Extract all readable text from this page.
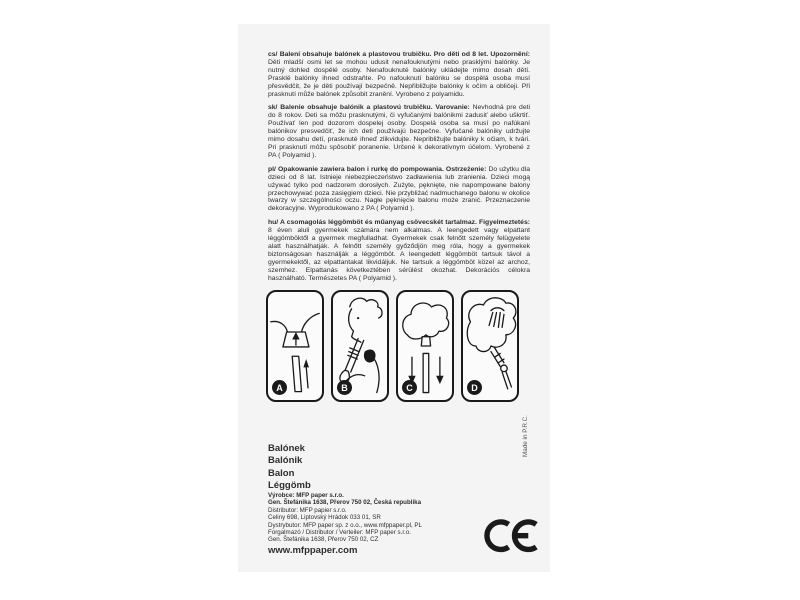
cs/ Balení obsahuje balónek a plastovou trubičku. Pro děti od 8 let. Upozornění:Děti mladší osmi let se mohou udusit nenafouknutými nebo prasklými balónky. Je nutný dohled dospělé osoby. Nenafouknuté balónky ukládejte mimo dosah dětí. Prasklé balónky ihned odstraňte. Po nafouknutí balónku se dospělá osoba musí přesvědčit, že je děti používají bezpečně. Nepřibližujte balónky k očím a obličeji. Při prasknutí může balónek způsobit zranění. Vyrobeno z polyamidu.

sk/ Balenie obsahuje balónik a plastovú trubičku. Varovanie: Nevhodná pre deti do 8 rokov. Deti sa môžu prasknutými, či vyfučanými balónikmi zadusiť alebo uškrtiť. Používať len pod dozorom dospelej osoby. Dospelá osoba sa musí po nafúkaní balónikov presvedčiť, že ich deti používajú bezpečne. Vyfučané balóniky udržujte mimo dosahu detí, prasknuté ihneď zlikvidujte. Nepribližujte balóniky k očiam, k tvári. Pri prasknutí môžu spôsobiť poranenie. Určené k dekoratívnym účelom. Vyrobené z PA ( Polyamid ).

pl/ Opakowanie zawiera balon i rurkę do pompowania. Ostrzeżenie: Do użytku dla dzieci od 8 lat. Istnieje niebezpieczeństwo zadławienia lub zranienia. Dzieci mogą używać tylko pod nadzorem dorosłych. Zużyte, pęknięte, nie napompowane balony przechowywać poza zasięgiem dzieci. Nie przybliżać nadmuchanego balonu w okolice twarzy w szczególności oczu. Nagłe pęknięcie balonu może zranić. Przeznaczenie dekoracyjne. Wyprodukowano z PA ( Polyamid ).

hu/ A csomagolás léggömböt és műanyag csövecskét tartalmaz. Figyelmeztetés:8 éven aluli gyermekek számára nem alkalmas. A leengedett vagy elpattant léggömböktől a gyermek megfulladhat. Gyermekek csak felnőtt személy felügyelete alatt használhatják. A felnőtt személy győződjön meg róla, hogy a gyermekek biztonságosan használják a léggömböt. A leengedett léggömböt tartsuk távol a gyermekektől, az elpattantakat likvidáljuk. Ne tartsuk a léggömböt közel az archoz, szemhez. Elpattanás következtében sérülést okozhat. Dekorációs célokra használható. Természetes PA ( Polyamid ).

A	B	C	D
Balónek
Balónik
Balon
Léggömb
Made in P.R.C.
Výrobce: MFP paper s.r.o.
Gen. Štefánika 1638, Přerov 750 02, Česká republika
Distributor: MFP papier s.r.o.
Celiny 698, Liptovský Hrádok 033 01, SR
Dystrybutor: MFP paper sp. z o.o., www.mfppaper.pl, PL
Forgalmazó / Distributor / Verteiler: MFP paper s.r.o.
Gen. Štefánika 1638, Přerov 750 02, CZ
www.mfppaper.com
